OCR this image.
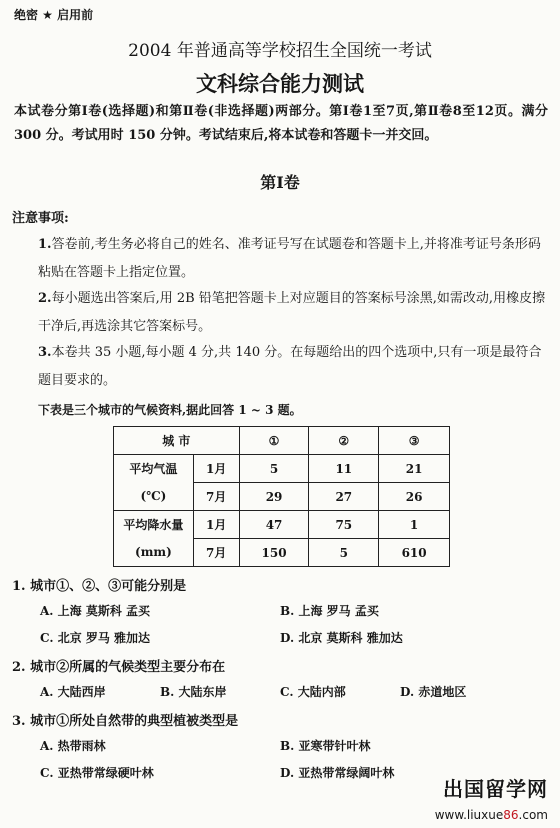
绝密 ★ 启用前
2004 年普通高等学校招生全国统一考试
文科综合能力测试
本试卷分第Ⅰ卷(选择题)和第Ⅱ卷(非选择题)两部分。第Ⅰ卷1至7页,第Ⅱ卷8至12页。满分 300 分。考试用时 150 分钟。考试结束后,将本试卷和答题卡一并交回。
第Ⅰ卷
注意事项:
1.答卷前,考生务必将自己的姓名、准考证号写在试题卷和答题卡上,并将准考证号条形码粘贴在答题卡上指定位置。
2.每小题选出答案后,用 2B 铅笔把答题卡上对应题目的答案标号涂黑,如需改动,用橡皮擦干净后,再选涂其它答案标号。
3.本卷共 35 小题,每小题 4 分,共 140 分。在每题给出的四个选项中,只有一项是最符合题目要求的。
下表是三个城市的气候资料,据此回答 1 ~ 3 题。
城 市		①	②	③
平均气温	1月	5	11	21
(℃)	7月	29	27	26
平均降水量	1月	47	75	1
(mm)	7月	150	5	610
1. 城市①、②、③可能分别是
A. 上海 莫斯科 孟买	B. 上海 罗马 孟买
C. 北京 罗马 雅加达	D. 北京 莫斯科 雅加达
2. 城市②所属的气候类型主要分布在
A. 大陆西岸	B. 大陆东岸	C. 大陆内部	D. 赤道地区
3. 城市①所处自然带的典型植被类型是
A. 热带雨林	B. 亚寒带针叶林
C. 亚热带常绿硬叶林	D. 亚热带常绿阔叶林
出国留学网
www.liuxue86.com
